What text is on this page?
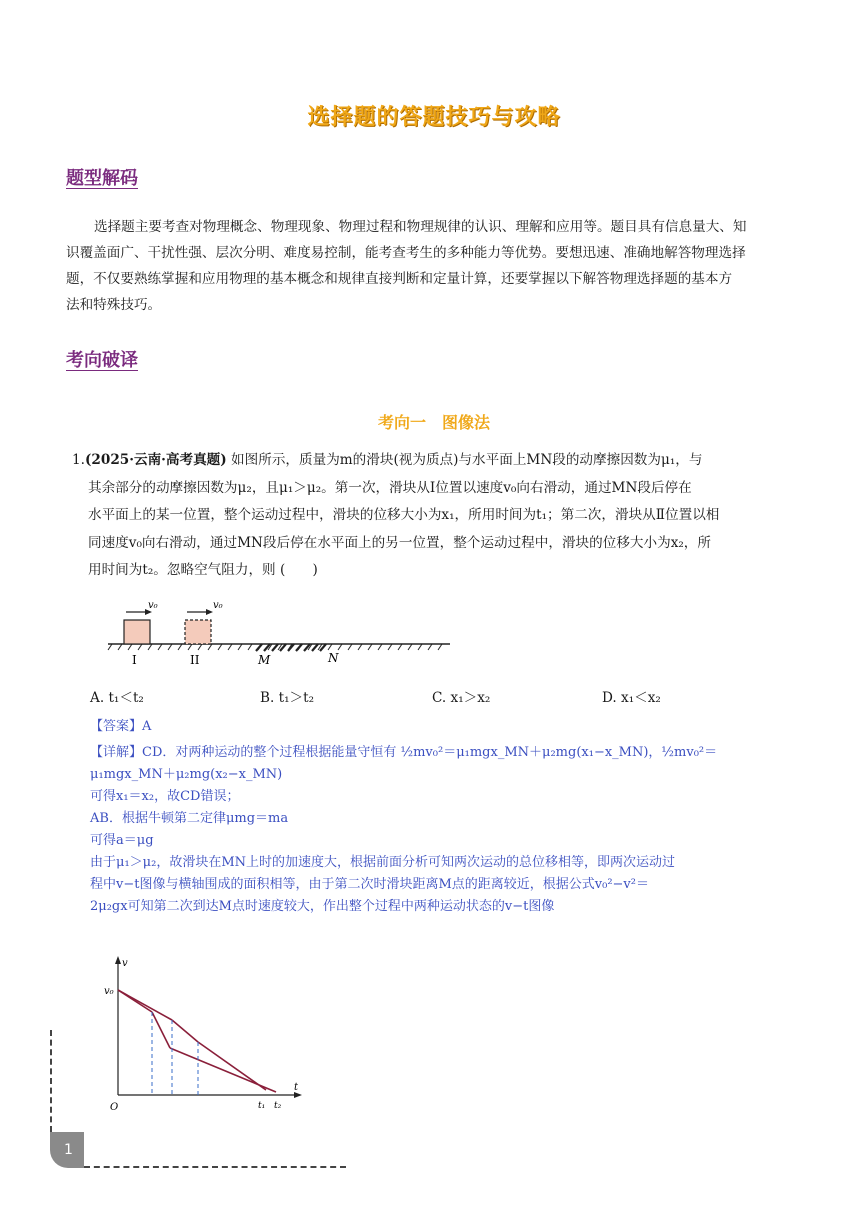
选择题的答题技巧与攻略
题型解码
选择题主要考查对物理概念、物理现象、物理过程和物理规律的认识、理解和应用等。题目具有信息量大、知
识覆盖面广、干扰性强、层次分明、难度易控制，能考查考生的多种能力等优势。要想迅速、准确地解答物理选择
题，不仅要熟练掌握和应用物理的基本概念和规律直接判断和定量计算，还要掌握以下解答物理选择题的基本方
法和特殊技巧。
考向破译
考向一　图像法
1.(2025·云南·高考真题) 如图所示，质量为m的滑块(视为质点)与水平面上MN段的动摩擦因数为μ₁，与
其余部分的动摩擦因数为μ₂，且μ₁＞μ₂。第一次，滑块从I位置以速度v₀向右滑动，通过MN段后停在
水平面上的某一位置，整个运动过程中，滑块的位移大小为x₁，所用时间为t₁；第二次，滑块从Ⅱ位置以相
同速度v₀向右滑动，通过MN段后停在水平面上的另一位置，整个运动过程中，滑块的位移大小为x₂，所
用时间为t₂。忽略空气阻力，则 (　　)
v₀	v₀
I	II	M	N
A. t₁＜t₂	B. t₁＞t₂	C. x₁＞x₂	D. x₁＜x₂
【答案】A
【详解】CD．对两种运动的整个过程根据能量守恒有 ½mv₀²＝μ₁mgx_MN＋μ₂mg(x₁−x_MN)，½mv₀²＝
μ₁mgx_MN＋μ₂mg(x₂−x_MN)
可得x₁＝x₂，故CD错误；
AB．根据牛顿第二定律μmg＝ma
可得a＝μg
由于μ₁＞μ₂，故滑块在MN上时的加速度大，根据前面分析可知两次运动的总位移相等，即两次运动过
程中v−t图像与横轴围成的面积相等，由于第二次时滑块距离M点的距离较近，根据公式v₀²−v²＝
2μ₂gx可知第二次到达M点时速度较大，作出整个过程中两种运动状态的v−t图像
v
v₀
O
t
t₁ t₂
1
